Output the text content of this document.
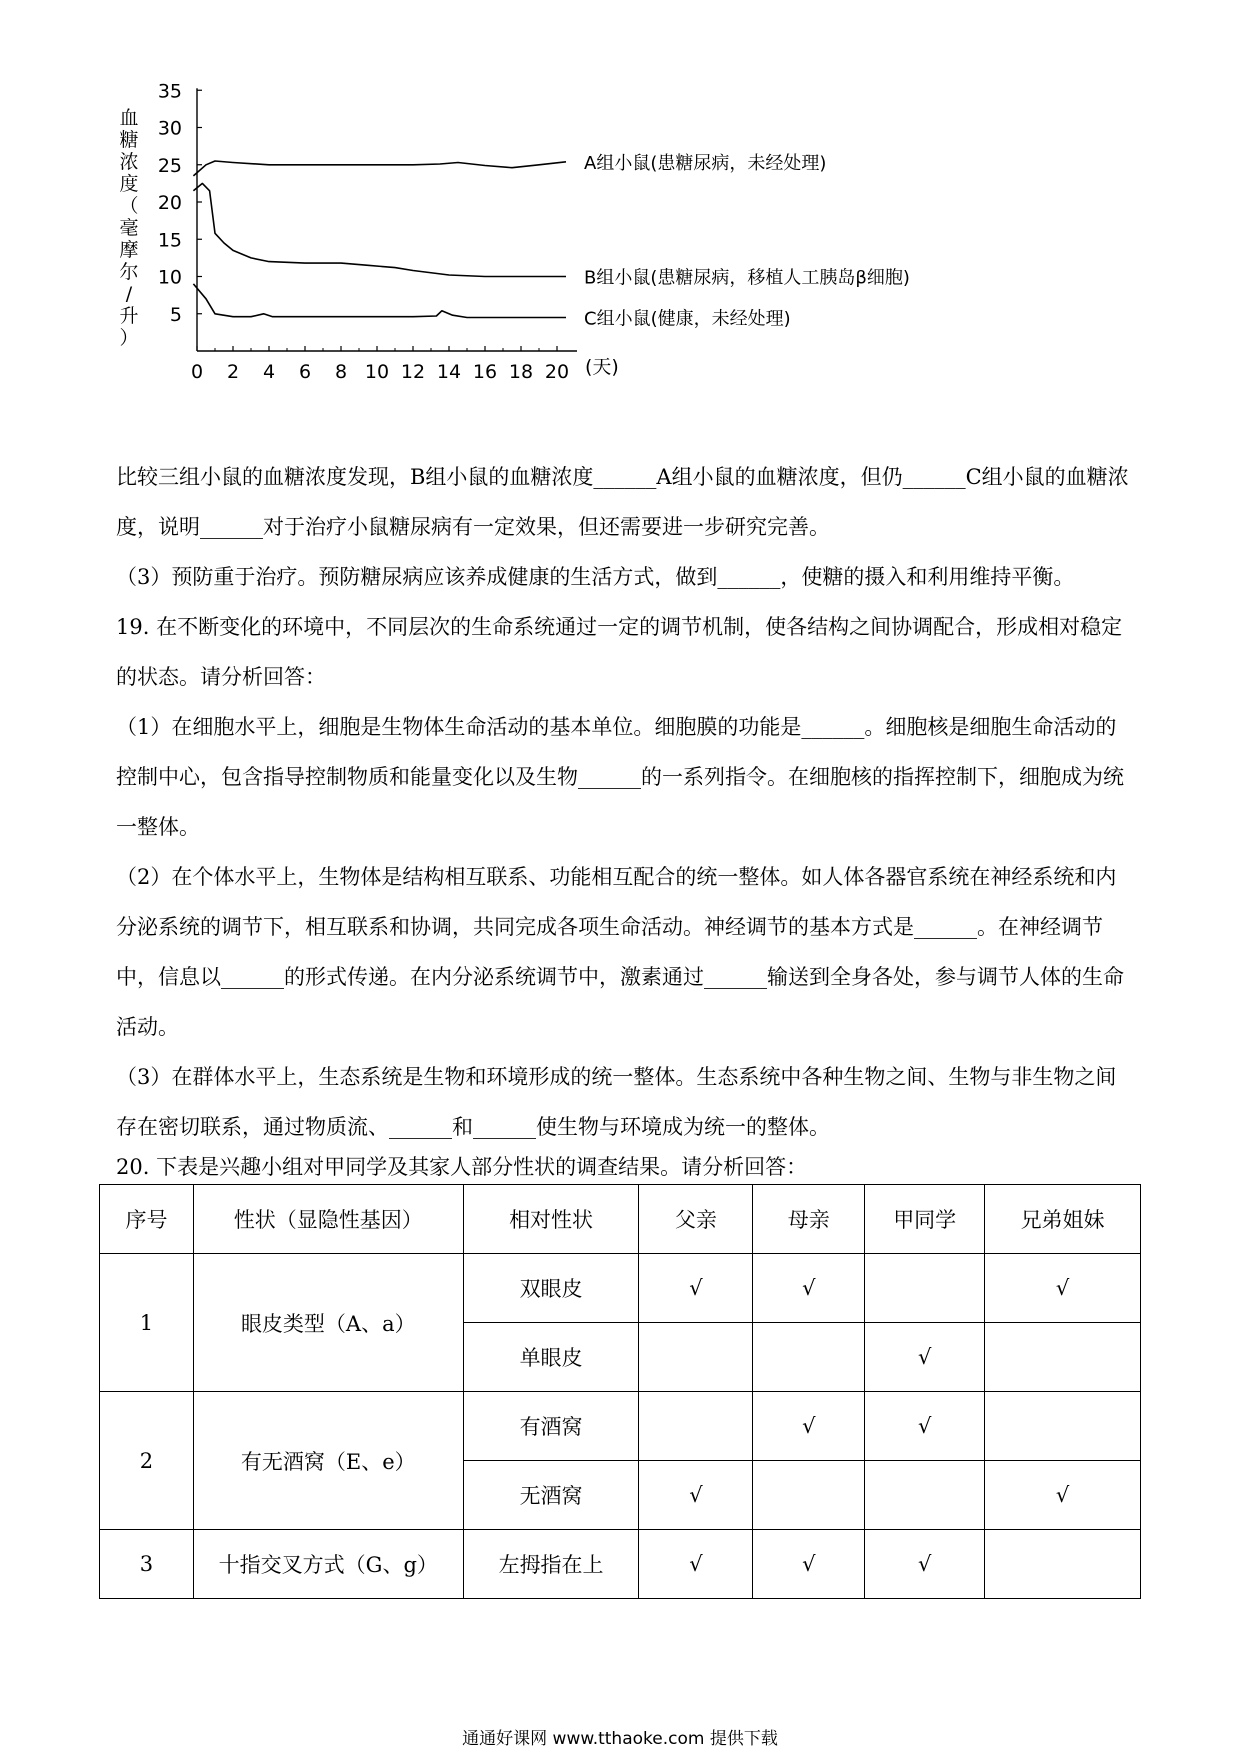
5
10
15
20
25
30
35
0 2 4 6 8 10 12 14 16 18 20 (天)
血
糖
浓
度
（
毫
摩
尔
/
升
）
A组小鼠(患糖尿病，未经处理)
B组小鼠(患糖尿病，移植人工胰岛β细胞)
C组小鼠(健康，未经处理)

比较三组小鼠的血糖浓度发现，B组小鼠的血糖浓度______A组小鼠的血糖浓度，但仍______C组小鼠的血糖浓度，说明______对于治疗小鼠糖尿病有一定效果，但还需要进一步研究完善。

（3）预防重于治疗。预防糖尿病应该养成健康的生活方式，做到______，使糖的摄入和利用维持平衡。

19. 在不断变化的环境中，不同层次的生命系统通过一定的调节机制，使各结构之间协调配合，形成相对稳定的状态。请分析回答：

（1）在细胞水平上，细胞是生物体生命活动的基本单位。细胞膜的功能是______。细胞核是细胞生命活动的控制中心，包含指导控制物质和能量变化以及生物______的一系列指令。在细胞核的指挥控制下，细胞成为统一整体。

（2）在个体水平上，生物体是结构相互联系、功能相互配合的统一整体。如人体各器官系统在神经系统和内分泌系统的调节下，相互联系和协调，共同完成各项生命活动。神经调节的基本方式是______。在神经调节中，信息以______的形式传递。在内分泌系统调节中，激素通过______输送到全身各处，参与调节人体的生命活动。

（3）在群体水平上，生态系统是生物和环境形成的统一整体。生态系统中各种生物之间、生物与非生物之间存在密切联系，通过物质流、______和______使生物与环境成为统一的整体。

20. 下表是兴趣小组对甲同学及其家人部分性状的调查结果。请分析回答：

序号	性状（显隐性基因）	相对性状	父亲	母亲	甲同学	兄弟姐妹
1	眼皮类型（A、a）	双眼皮	√	√		√
		单眼皮			√	
2	有无酒窝（E、e）	有酒窝		√	√	
		无酒窝	√			√
3	十指交叉方式（G、g）	左拇指在上	√	√	√	
通通好课网 www.tthaoke.com 提供下载
